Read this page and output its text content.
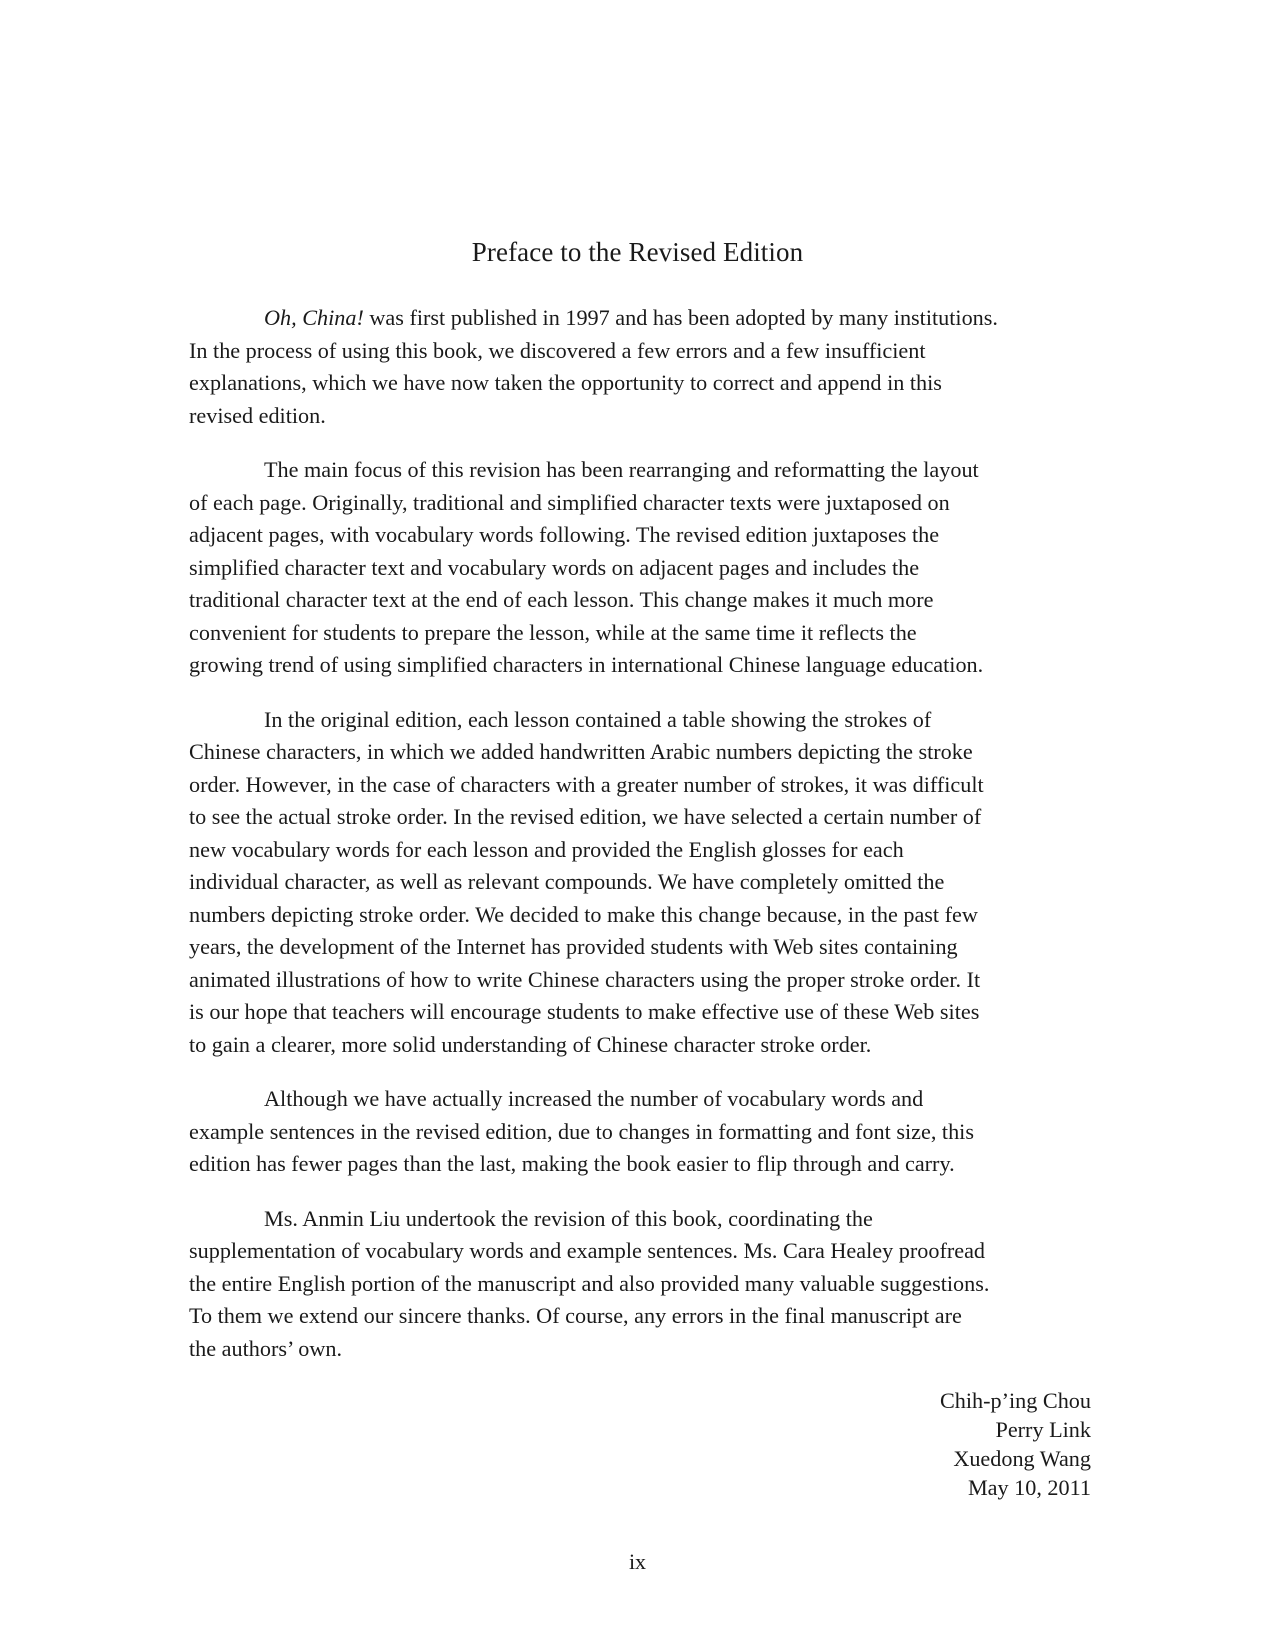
Preface to the Revised Edition

Oh, China! was first published in 1997 and has been adopted by many institutions.
In the process of using this book, we discovered a few errors and a few insufficient
explanations, which we have now taken the opportunity to correct and append in this
revised edition.

The main focus of this revision has been rearranging and reformatting the layout
of each page. Originally, traditional and simplified character texts were juxtaposed on
adjacent pages, with vocabulary words following. The revised edition juxtaposes the
simplified character text and vocabulary words on adjacent pages and includes the
traditional character text at the end of each lesson. This change makes it much more
convenient for students to prepare the lesson, while at the same time it reflects the
growing trend of using simplified characters in international Chinese language education.

In the original edition, each lesson contained a table showing the strokes of
Chinese characters, in which we added handwritten Arabic numbers depicting the stroke
order. However, in the case of characters with a greater number of strokes, it was difficult
to see the actual stroke order. In the revised edition, we have selected a certain number of
new vocabulary words for each lesson and provided the English glosses for each
individual character, as well as relevant compounds. We have completely omitted the
numbers depicting stroke order. We decided to make this change because, in the past few
years, the development of the Internet has provided students with Web sites containing
animated illustrations of how to write Chinese characters using the proper stroke order. It
is our hope that teachers will encourage students to make effective use of these Web sites
to gain a clearer, more solid understanding of Chinese character stroke order.

Although we have actually increased the number of vocabulary words and
example sentences in the revised edition, due to changes in formatting and font size, this
edition has fewer pages than the last, making the book easier to flip through and carry.

Ms. Anmin Liu undertook the revision of this book, coordinating the
supplementation of vocabulary words and example sentences. Ms. Cara Healey proofread
the entire English portion of the manuscript and also provided many valuable suggestions.
To them we extend our sincere thanks. Of course, any errors in the final manuscript are
the authors’ own.

Chih-p’ing Chou
Perry Link
Xuedong Wang
May 10, 2011
ix
